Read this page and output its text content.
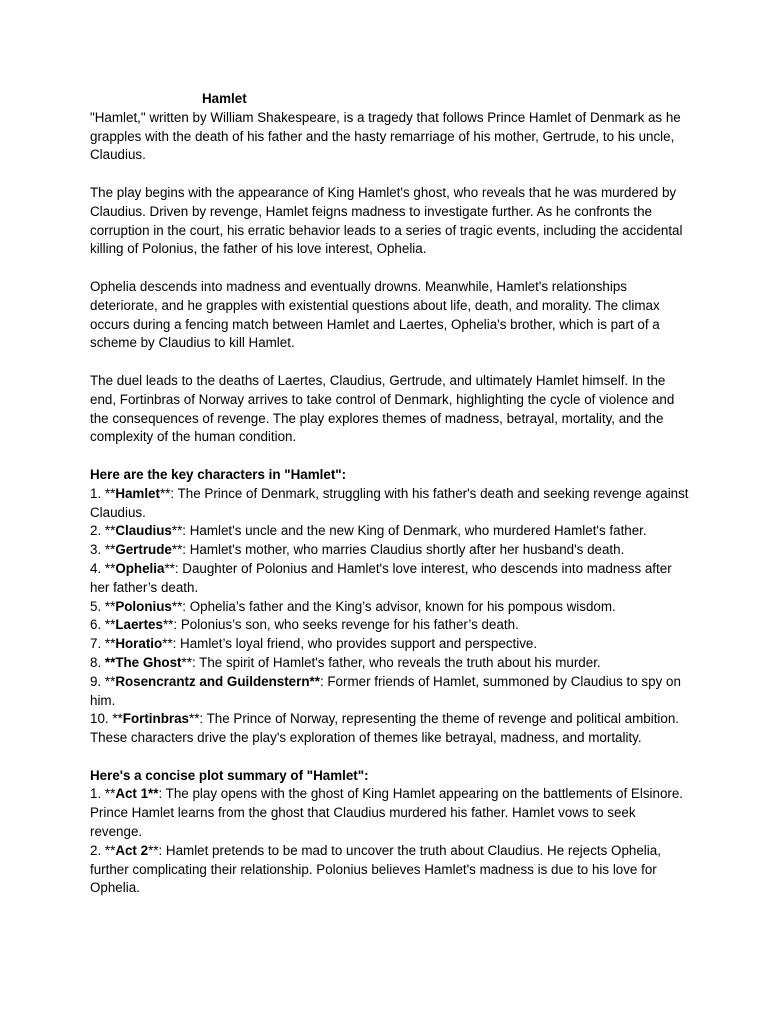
Hamlet

"Hamlet," written by William Shakespeare, is a tragedy that follows Prince Hamlet of Denmark as he grapples with the death of his father and the hasty remarriage of his mother, Gertrude, to his uncle, Claudius.

The play begins with the appearance of King Hamlet's ghost, who reveals that he was murdered by Claudius. Driven by revenge, Hamlet feigns madness to investigate further. As he confronts the corruption in the court, his erratic behavior leads to a series of tragic events, including the accidental killing of Polonius, the father of his love interest, Ophelia.

Ophelia descends into madness and eventually drowns. Meanwhile, Hamlet's relationships deteriorate, and he grapples with existential questions about life, death, and morality. The climax occurs during a fencing match between Hamlet and Laertes, Ophelia's brother, which is part of a scheme by Claudius to kill Hamlet.

The duel leads to the deaths of Laertes, Claudius, Gertrude, and ultimately Hamlet himself. In the end, Fortinbras of Norway arrives to take control of Denmark, highlighting the cycle of violence and the consequences of revenge. The play explores themes of madness, betrayal, mortality, and the complexity of the human condition.

Here are the key characters in "Hamlet":

1. **Hamlet**: The Prince of Denmark, struggling with his father's death and seeking revenge against Claudius.

2. **Claudius**: Hamlet's uncle and the new King of Denmark, who murdered Hamlet's father.

3. **Gertrude**: Hamlet's mother, who marries Claudius shortly after her husband's death.

4. **Ophelia**: Daughter of Polonius and Hamlet's love interest, who descends into madness after her father’s death.

5. **Polonius**: Ophelia’s father and the King’s advisor, known for his pompous wisdom.

6. **Laertes**: Polonius’s son, who seeks revenge for his father’s death.

7. **Horatio**: Hamlet’s loyal friend, who provides support and perspective.

8. **The Ghost**: The spirit of Hamlet's father, who reveals the truth about his murder.

9. **Rosencrantz and Guildenstern**: Former friends of Hamlet, summoned by Claudius to spy on him.

10. **Fortinbras**: The Prince of Norway, representing the theme of revenge and political ambition.

These characters drive the play's exploration of themes like betrayal, madness, and mortality.

Here's a concise plot summary of "Hamlet":

1. **Act 1**: The play opens with the ghost of King Hamlet appearing on the battlements of Elsinore. Prince Hamlet learns from the ghost that Claudius murdered his father. Hamlet vows to seek revenge.

2. **Act 2**: Hamlet pretends to be mad to uncover the truth about Claudius. He rejects Ophelia, further complicating their relationship. Polonius believes Hamlet's madness is due to his love for Ophelia.
